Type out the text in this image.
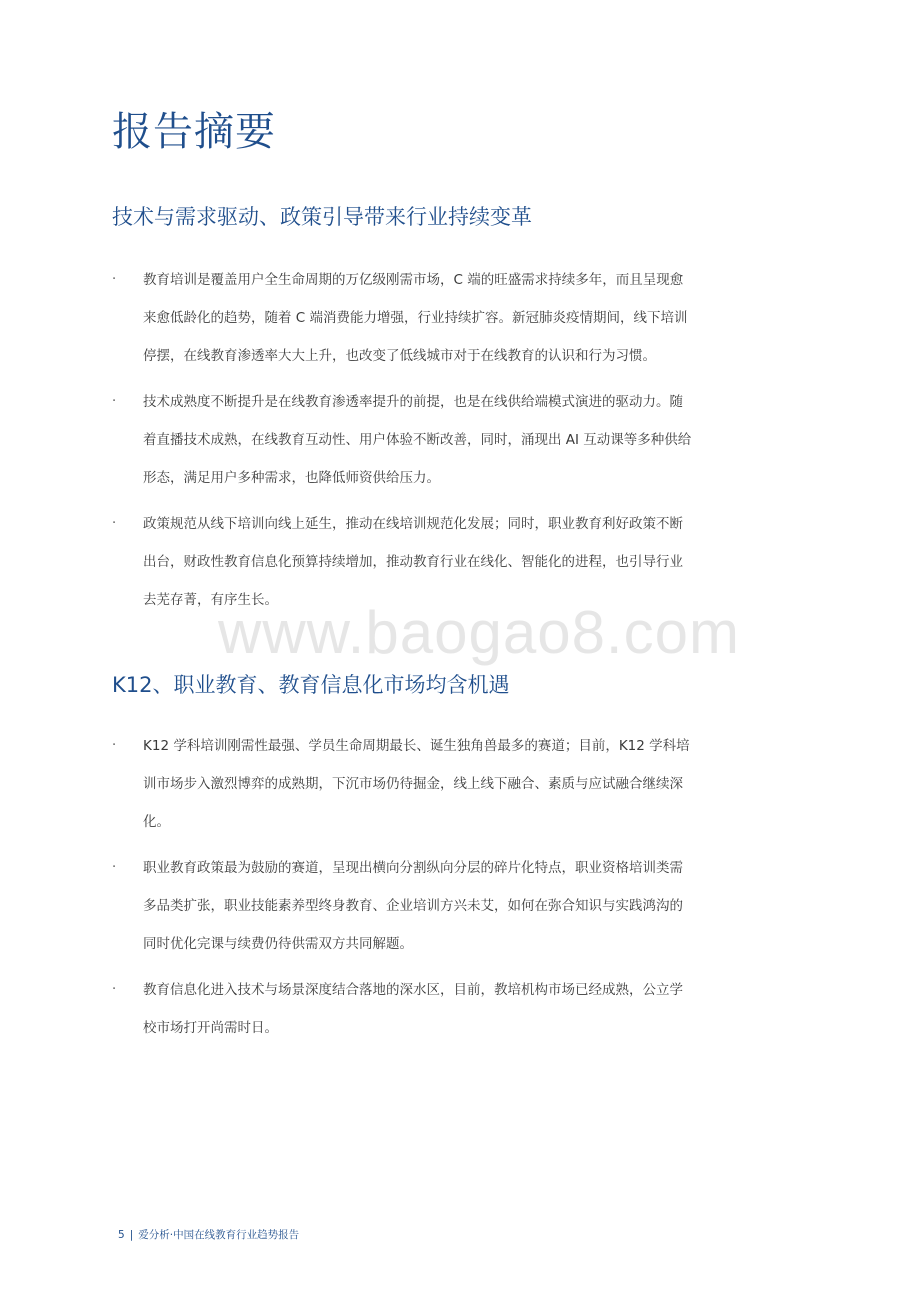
报告摘要
技术与需求驱动、政策引导带来行业持续变革
· 教育培训是覆盖用户全生命周期的万亿级刚需市场，C 端的旺盛需求持续多年，而且呈现愈来愈低龄化的趋势，随着 C 端消费能力增强，行业持续扩容。新冠肺炎疫情期间，线下培训停摆，在线教育渗透率大大上升，也改变了低线城市对于在线教育的认识和行为习惯。
· 技术成熟度不断提升是在线教育渗透率提升的前提，也是在线供给端模式演进的驱动力。随着直播技术成熟，在线教育互动性、用户体验不断改善，同时，涌现出 AI 互动课等多种供给形态，满足用户多种需求，也降低师资供给压力。
· 政策规范从线下培训向线上延生，推动在线培训规范化发展；同时，职业教育利好政策不断出台，财政性教育信息化预算持续增加，推动教育行业在线化、智能化的进程，也引导行业去芜存菁，有序生长。
K12、职业教育、教育信息化市场均含机遇
· K12 学科培训刚需性最强、学员生命周期最长、诞生独角兽最多的赛道；目前，K12 学科培训市场步入激烈博弈的成熟期，下沉市场仍待掘金，线上线下融合、素质与应试融合继续深化。
· 职业教育政策最为鼓励的赛道，呈现出横向分割纵向分层的碎片化特点，职业资格培训类需多品类扩张，职业技能素养型终身教育、企业培训方兴未艾，如何在弥合知识与实践鸿沟的同时优化完课与续费仍待供需双方共同解题。
· 教育信息化进入技术与场景深度结合落地的深水区，目前，教培机构市场已经成熟，公立学校市场打开尚需时日。
www.baogao8.com
5 | 爱分析·中国在线教育行业趋势报告
